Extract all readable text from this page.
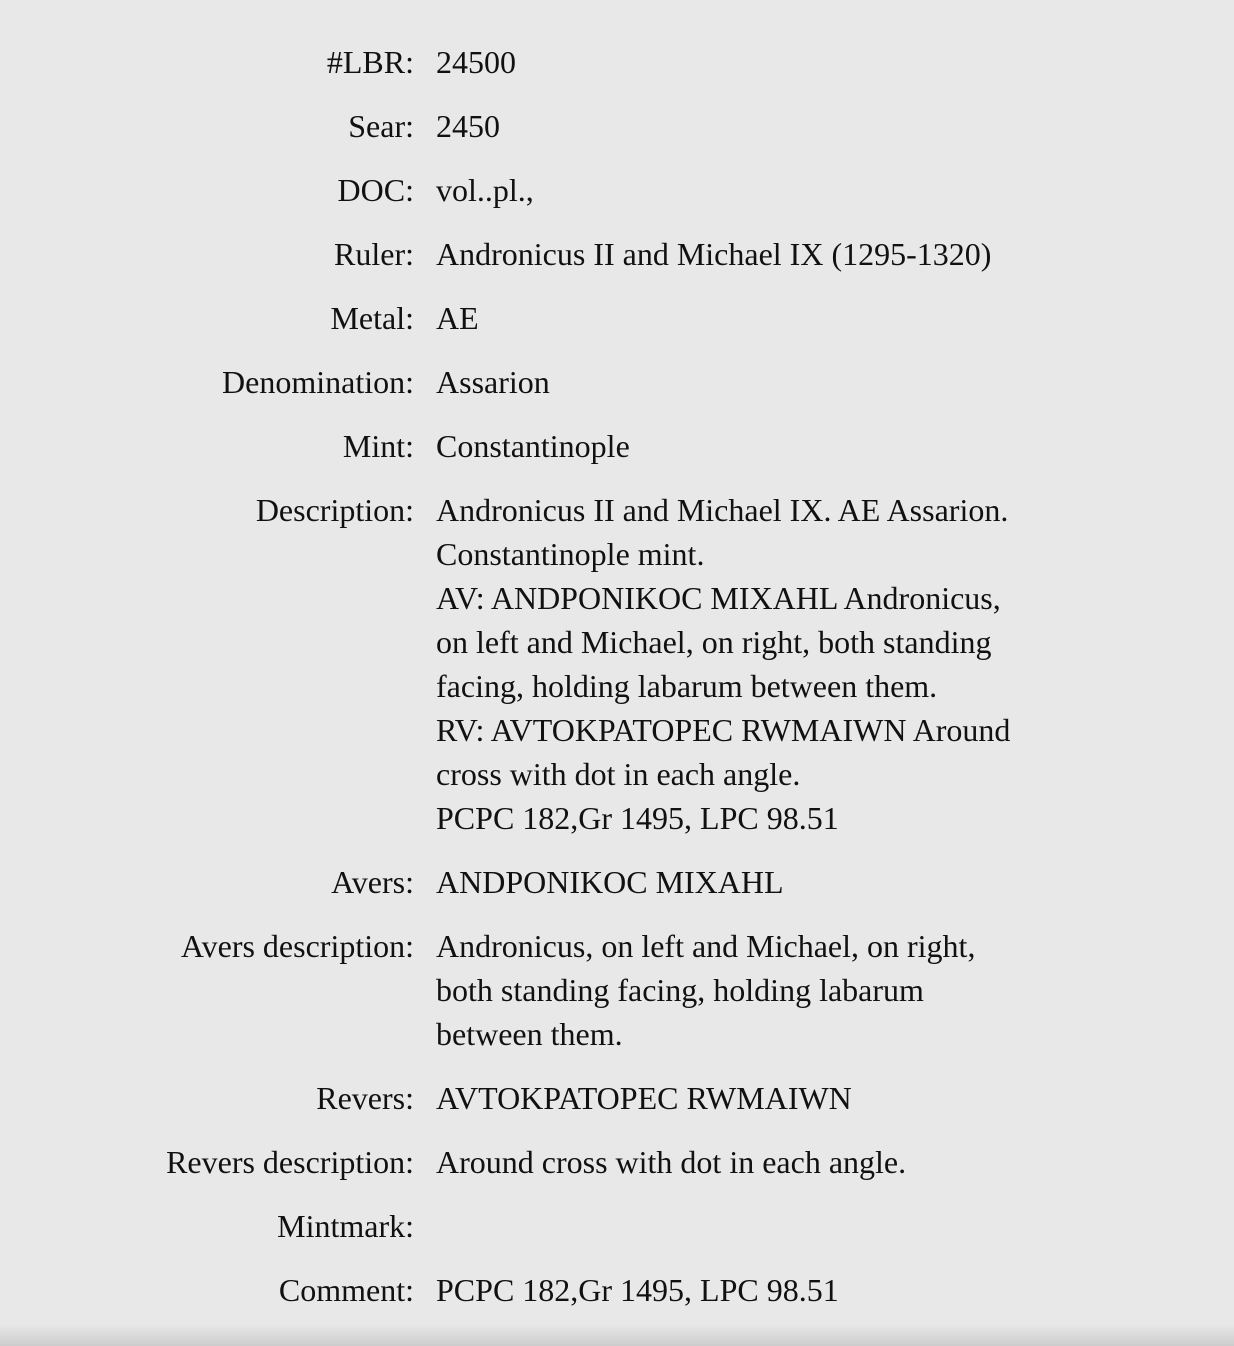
#LBR: 24500
Sear: 2450
DOC: vol..pl.,
Ruler: Andronicus II and Michael IX (1295-1320)
Metal: AE
Denomination: Assarion
Mint: Constantinople
Description: Andronicus II and Michael IX. AE Assarion.
Constantinople mint.
AV: ANDPONIKOC MIXAHL Andronicus,
on left and Michael, on right, both standing
facing, holding labarum between them.
RV: AVTOKPATOPEC RWMAIWN Around
cross with dot in each angle.
PCPC 182,Gr 1495, LPC 98.51
Avers: ANDPONIKOC MIXAHL
Avers description: Andronicus, on left and Michael, on right,
both standing facing, holding labarum
between them.
Revers: AVTOKPATOPEC RWMAIWN
Revers description: Around cross with dot in each angle.
Mintmark:

Comment: PCPC 182,Gr 1495, LPC 98.51
